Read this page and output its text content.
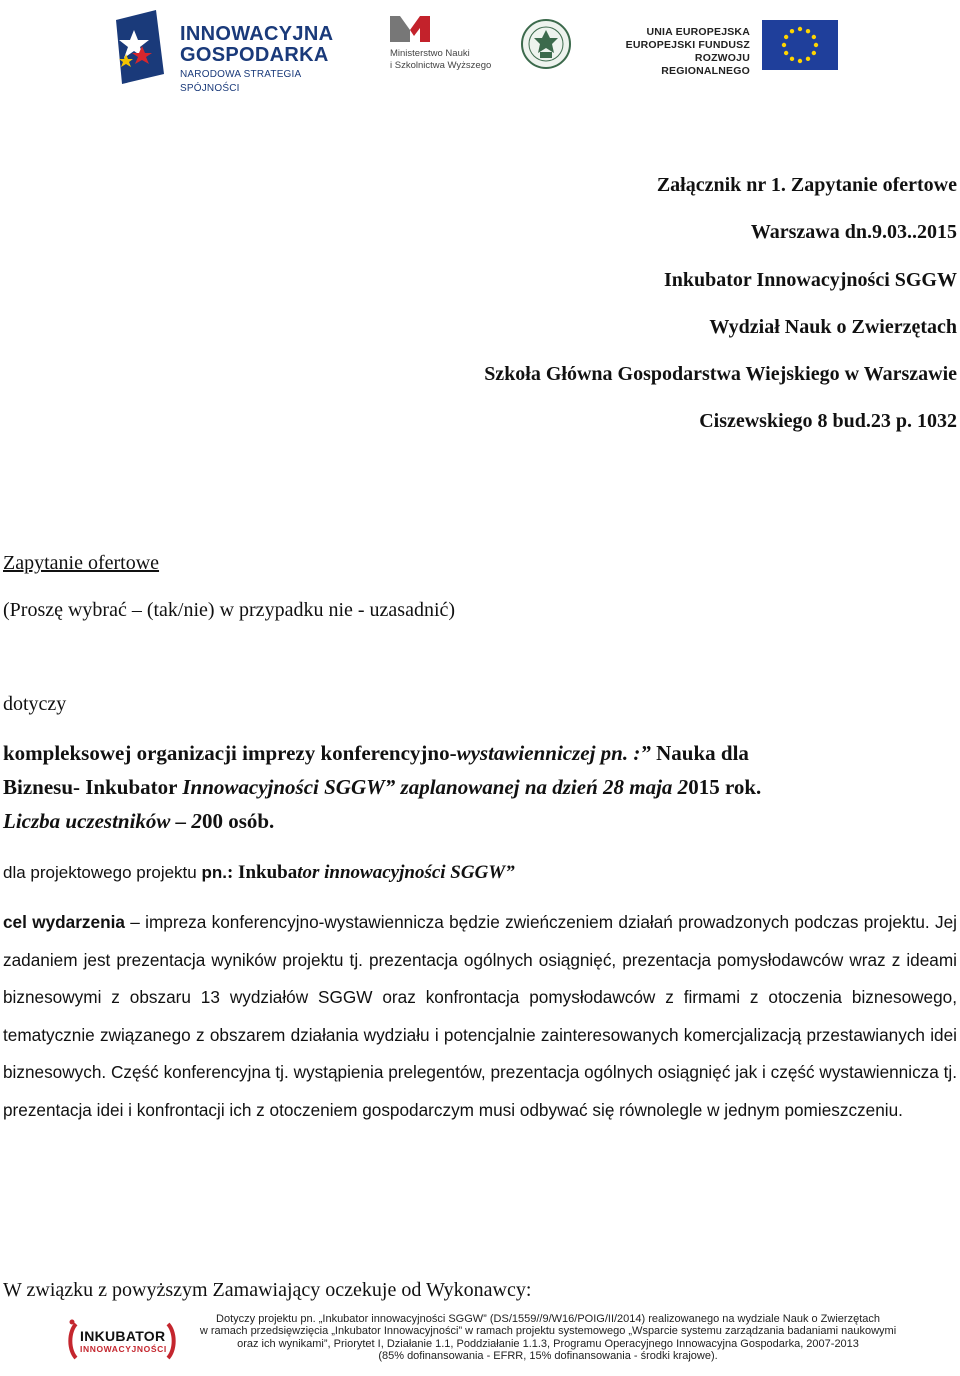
INNOWACYJNA
GOSPODARKA
NARODOWA STRATEGIA SPÓJNOŚCI
Ministerstwo Nauki
i Szkolnictwa Wyższego
UNIA EUROPEJSKA
EUROPEJSKI FUNDUSZ
ROZWOJU REGIONALNEGO
Załącznik nr 1. Zapytanie ofertowe
Warszawa dn.9.03..2015
Inkubator Innowacyjności SGGW
Wydział Nauk o Zwierzętach
Szkoła Główna Gospodarstwa Wiejskiego w Warszawie
Ciszewskiego 8 bud.23 p. 1032
Zapytanie ofertowe
(Proszę wybrać – (tak/nie) w przypadku nie - uzasadnić)
dotyczy
kompleksowej organizacji imprezy konferencyjno-wystawienniczej pn. :” Nauka dla
Biznesu- Inkubator Innowacyjności SGGW” zaplanowanej na dzień 28 maja 2015 rok.
Liczba uczestników – 200 osób.
dla projektowego projektu pn.: Inkubator innowacyjności SGGW”
cel wydarzenia – impreza konferencyjno-wystawiennicza będzie zwieńczeniem działań prowadzonych podczas projektu. Jej zadaniem jest prezentacja wyników projektu tj. prezentacja ogólnych osiągnięć, prezentacja pomysłodawców wraz z ideami biznesowymi z obszaru 13 wydziałów SGGW oraz konfrontacja pomysłodawców z firmami z otoczenia biznesowego, tematycznie związanego z obszarem działania wydziału i potencjalnie zainteresowanych komercjalizacją przestawianych idei biznesowych. Część konferencyjna tj. wystąpienia prelegentów, prezentacja ogólnych osiągnięć jak i część wystawiennicza tj. prezentacja idei i konfrontacji ich z otoczeniem gospodarczym musi odbywać się równolegle w jednym pomieszczeniu.
W związku z powyższym Zamawiający oczekuje od Wykonawcy:
INKUBATOR
INNOWACYJNOŚCI
Dotyczy projektu pn. „Inkubator innowacyjności SGGW” (DS/1559//9/W16/POIG/II/2014) realizowanego na wydziale Nauk o Zwierzętach
w ramach przedsięwzięcia „Inkubator Innowacyjności” w ramach projektu systemowego „Wsparcie systemu zarządzania badaniami naukowymi
oraz ich wynikami”, Priorytet I, Działanie 1.1, Poddziałanie 1.1.3, Programu Operacyjnego Innowacyjna Gospodarka, 2007-2013
(85% dofinansowania - EFRR, 15% dofinansowania - środki krajowe).
